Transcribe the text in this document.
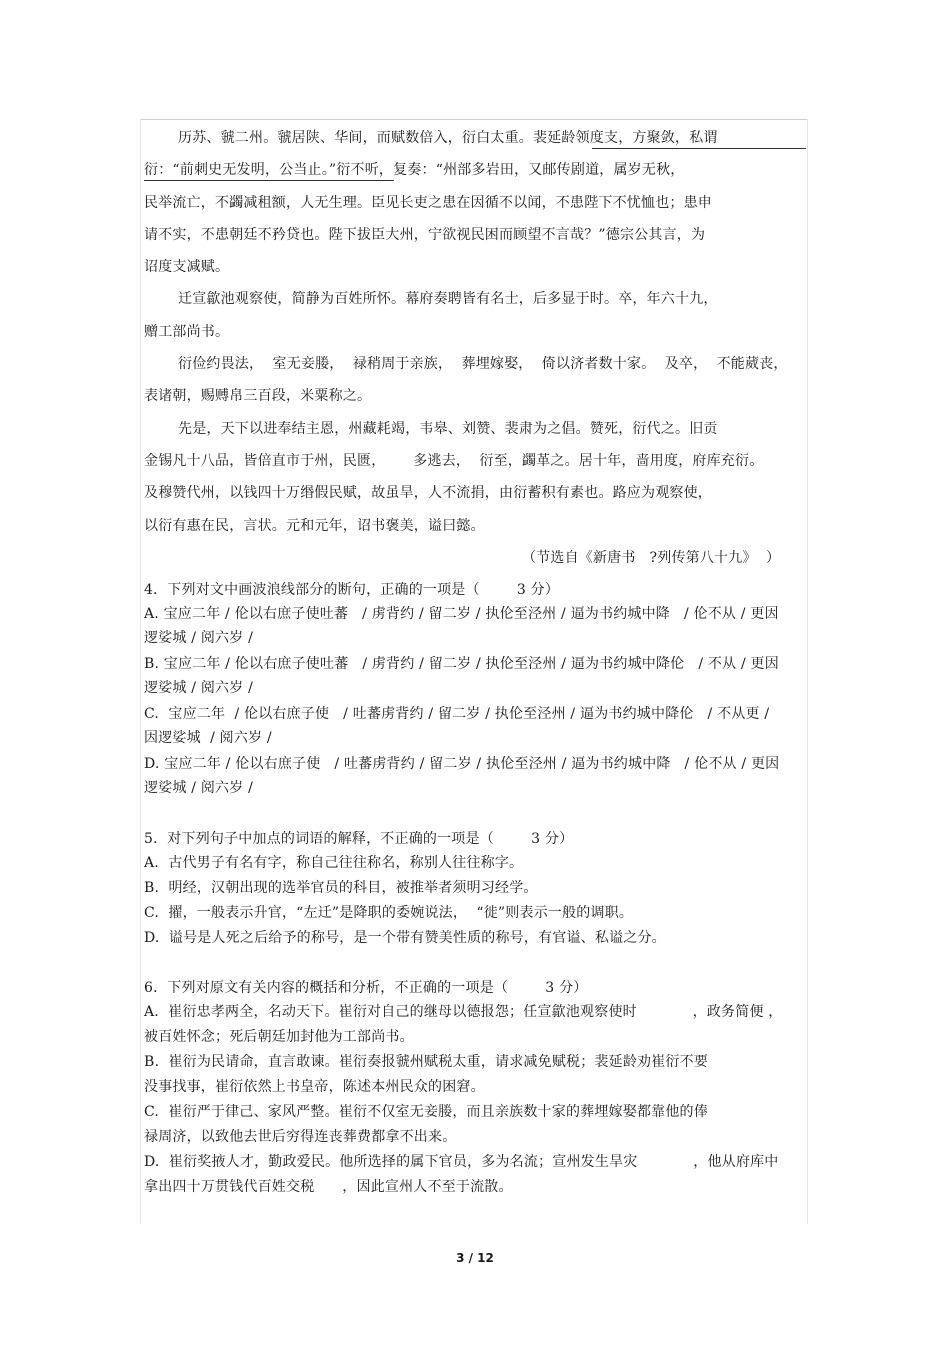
历苏、虢二州。虢居陕、华间，而赋数倍入，衍白太重。裴延龄领度支，方聚敛，私谓
衍：“前刺史无发明，公当止。”衍不听，复奏：“州部多岩田，又邮传剧道，属岁无秋，
民举流亡，不蠲减租额，人无生理。臣见长吏之患在因循不以闻，不患陛下不忧恤也；患申
请不实，不患朝廷不矜贷也。陛下拔臣大州，宁欲视民困而顾望不言哉？”德宗公其言，为
诏度支减赋。
迁宣歙池观察使，简静为百姓所怀。幕府奏聘皆有名士，后多显于时。卒，年六十九，
赠工部尚书。
衍俭约畏法，  室无妾媵，  禄稍周于亲族，  葬埋嫁娶，  倚以济者数十家。  及卒，  不能葳丧，
表诸朝，赐赙帛三百段，米粟称之。
先是，天下以进奉结主恩，州藏耗竭，韦皋、刘赞、裴肃为之倡。赞死，衍代之。旧贡
金锡凡十八品，皆倍直市于州，民匮，      多逃去，  衍至，蠲革之。居十年，啬用度，府库充衍。
及穆赞代州，以钱四十万缗假民赋，故虽旱，人不流捐，由衍蓄积有素也。路应为观察使，
以衍有惠在民，言状。元和元年，诏书褒美，谥曰懿。
（节选自《新唐书   ?列传第八十九》  ）
4．下列对文中画波浪线部分的断句，正确的一项是（        3 分）
A. 宝应二年 / 伦以右庶子使吐蕃   / 虏背约 / 留二岁 / 执伦至泾州 / 逼为书约城中降   / 伦不从 / 更因
逻娑城 / 阅六岁 /
B. 宝应二年 / 伦以右庶子使吐蕃   / 虏背约 / 留二岁 / 执伦至泾州 / 逼为书约城中降伦   / 不从 / 更因
逻娑城 / 阅六岁 /
C.  宝应二年  / 伦以右庶子使   / 吐蕃虏背约 / 留二岁 / 执伦至泾州 / 逼为书约城中降伦   / 不从更 /
因逻娑城  / 阅六岁 /
D. 宝应二年 / 伦以右庶子使   / 吐蕃虏背约 / 留二岁 / 执伦至泾州 / 逼为书约城中降   / 伦不从 / 更因
逻娑城 / 阅六岁 /
5．对下列句子中加点的词语的解释，不正确的一项是（        3 分）
A.  古代男子有名有字，称自己往往称名，称别人往往称字。
B.  明经，汉朝出现的选举官员的科目，被推举者须明习经学。
C.  擢，一般表示升官，“左迁”是降职的委婉说法，  “徙”则表示一般的调职。
D.  谥号是人死之后给予的称号，是一个带有赞美性质的称号，有官谥、私谥之分。
6．下列对原文有关内容的概括和分析，不正确的一项是（        3 分）
A.  崔衍忠孝两全，名动天下。崔衍对自己的继母以德报怨；任宣歙池观察使时            ，政务简便 ，
被百姓怀念；死后朝廷加封他为工部尚书。
B.  崔衍为民请命，直言敢谏。崔衍奏报虢州赋税太重，请求减免赋税；裴延龄劝崔衍不要
没事找事，崔衍依然上书皇帝，陈述本州民众的困窘。
C.  崔衍严于律己、家风严整。崔衍不仅室无妾媵，而且亲族数十家的葬埋嫁娶都靠他的俸
禄周济，以致他去世后穷得连丧葬费都拿不出来。
D.  崔衍奖掖人才，勤政爱民。他所选择的属下官员，多为名流；宣州发生旱灾            ，他从府库中
拿出四十万贯钱代百姓交税      ，因此宣州人不至于流散。
3 / 12
